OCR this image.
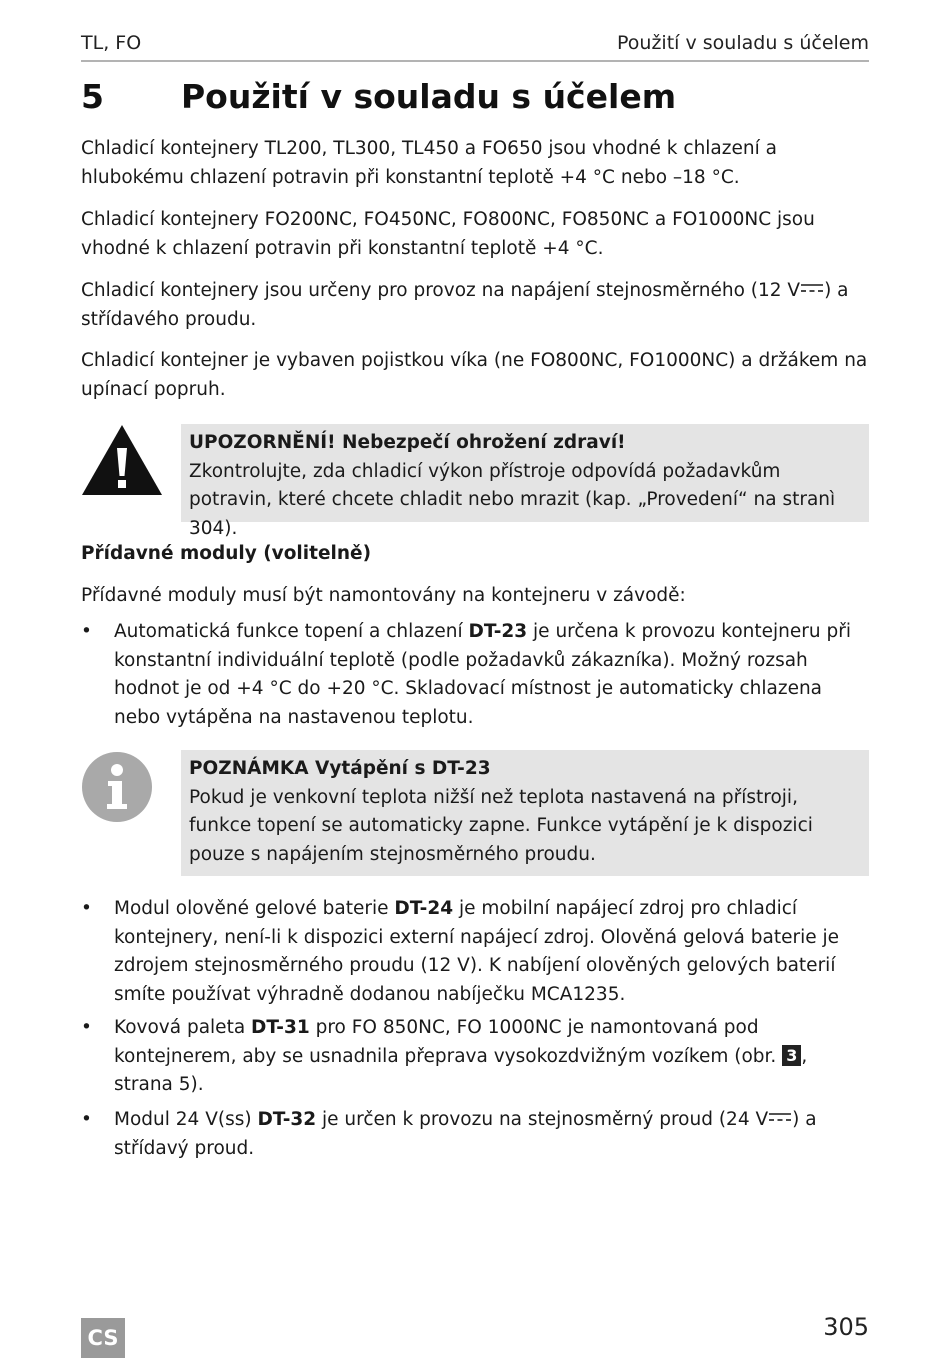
TL, FO	Použití v souladu s účelem
5 Použití v souladu s účelem

Chladicí kontejnery TL200, TL300, TL450 a FO650 jsou vhodné k chlazení a hlubokému chlazení potravin při konstantní teplotě +4 °C nebo –18 °C.

Chladicí kontejnery FO200NC, FO450NC, FO800NC, FO850NC a FO1000NC jsou vhodné k chlazení potravin při konstantní teplotě +4 °C.

Chladicí kontejnery jsou určeny pro provoz na napájení stejnosměrného (12 V ) a střídavého proudu.

Chladicí kontejner je vybaven pojistkou víka (ne FO800NC, FO1000NC) a držákem na upínací popruh.

UPOZORNĚNÍ! Nebezpečí ohrožení zdraví!

Zkontrolujte, zda chladicí výkon přístroje odpovídá požadavkům potravin, které chcete chladit nebo mrazit (kap. „Provedení“ na stranì 304).

Přídavné moduly (volitelně)

Přídavné moduly musí být namontovány na kontejneru v závodě:

• Automatická funkce topení a chlazení DT-23 je určena k provozu kontejneru při konstantní individuální teplotě (podle požadavků zákazníka). Možný rozsah hodnot je od +4 °C do +20 °C. Skladovací místnost je automaticky chlazena nebo vytápěna na nastavenou teplotu.

POZNÁMKA Vytápění s DT-23

Pokud je venkovní teplota nižší než teplota nastavená na přístroji, funkce topení se automaticky zapne. Funkce vytápění je k dispozici pouze s napájením stejnosměrného proudu.

• Modul olověné gelové baterie DT-24 je mobilní napájecí zdroj pro chladicí kontejnery, není-li k dispozici externí napájecí zdroj. Olověná gelová baterie je zdrojem stejnosměrného proudu (12 V). K nabíjení olověných gelových baterií smíte používat výhradně dodanou nabíječku MCA1235.

• Kovová paleta DT-31 pro FO 850NC, FO 1000NC je namontovaná pod kontejnerem, aby se usnadnila přeprava vysokozdvižným vozíkem (obr. 3 , strana 5).

• Modul 24 V(ss) DT-32 je určen k provozu na stejnosměrný proud (24 V ) a střídavý proud.

CS	305
